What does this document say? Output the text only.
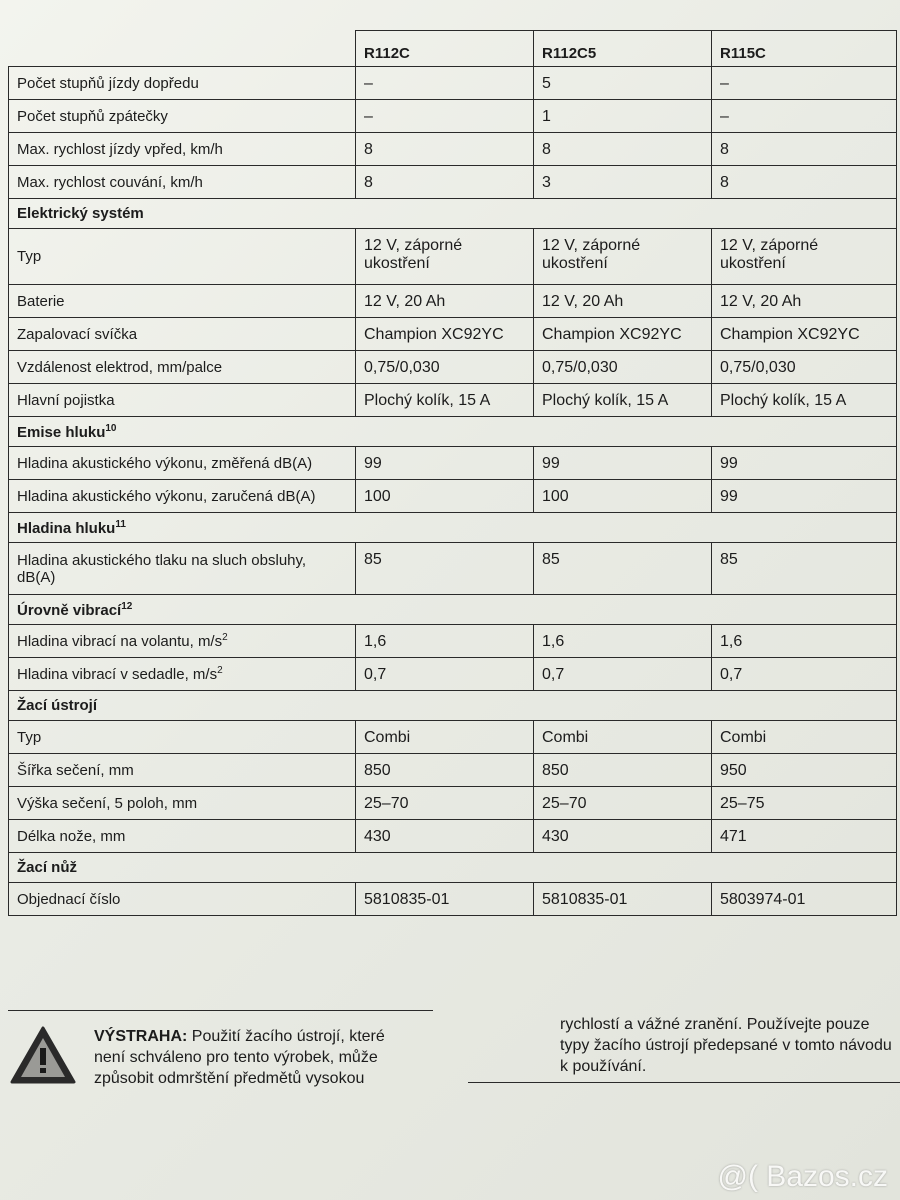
	R112C	R112C5	R115C
Počet stupňů jízdy dopředu	–	5	–
Počet stupňů zpátečky	–	1	–
Max. rychlost jízdy vpřed, km/h	8	8	8
Max. rychlost couvání, km/h	8	3	8
Elektrický systém			
Typ	12 V, záporné ukostření	12 V, záporné ukostření	12 V, záporné ukostření
Baterie	12 V, 20 Ah	12 V, 20 Ah	12 V, 20 Ah
Zapalovací svíčka	Champion XC92YC	Champion XC92YC	Champion XC92YC
Vzdálenost elektrod, mm/palce	0,75/0,030	0,75/0,030	0,75/0,030
Hlavní pojistka	Plochý kolík, 15 A	Plochý kolík, 15 A	Plochý kolík, 15 A
Emise hluku$^{10}$
Hladina akustického výkonu, změřená dB(A)	99	99	99
Hladina akustického výkonu, zaručená dB(A)	100	100	99
Hladina hluku$^{11}$
Hladina akustického tlaku na sluch obsluhy, dB(A)	85	85	85
Úrovně vibrací$^{12}$
Hladina vibrací na volantu, $m/s^2$	1,6	1,6	1,6
Hladina vibrací v sedadle, $m/s^2$	0,7	0,7	0,7
Žací ústrojí			
Typ	Combi	Combi	Combi
Šířka sečení, mm	850	850	950
Výška sečení, 5 poloh, mm	25–70	25–70	25–75
Délka nože, mm	430	430	471
Žací nůž			
Objednací číslo	5810835-01	5810835-01	5803974-01
VÝSTRAHA: Použití žacího ústrojí, které není schváleno pro tento výrobek, může způsobit odmrštění předmětů vysokou
rychlostí a vážné zranění. Používejte pouze typy žacího ústrojí předepsané v tomto návodu k používání.
@( Bazos.cz
